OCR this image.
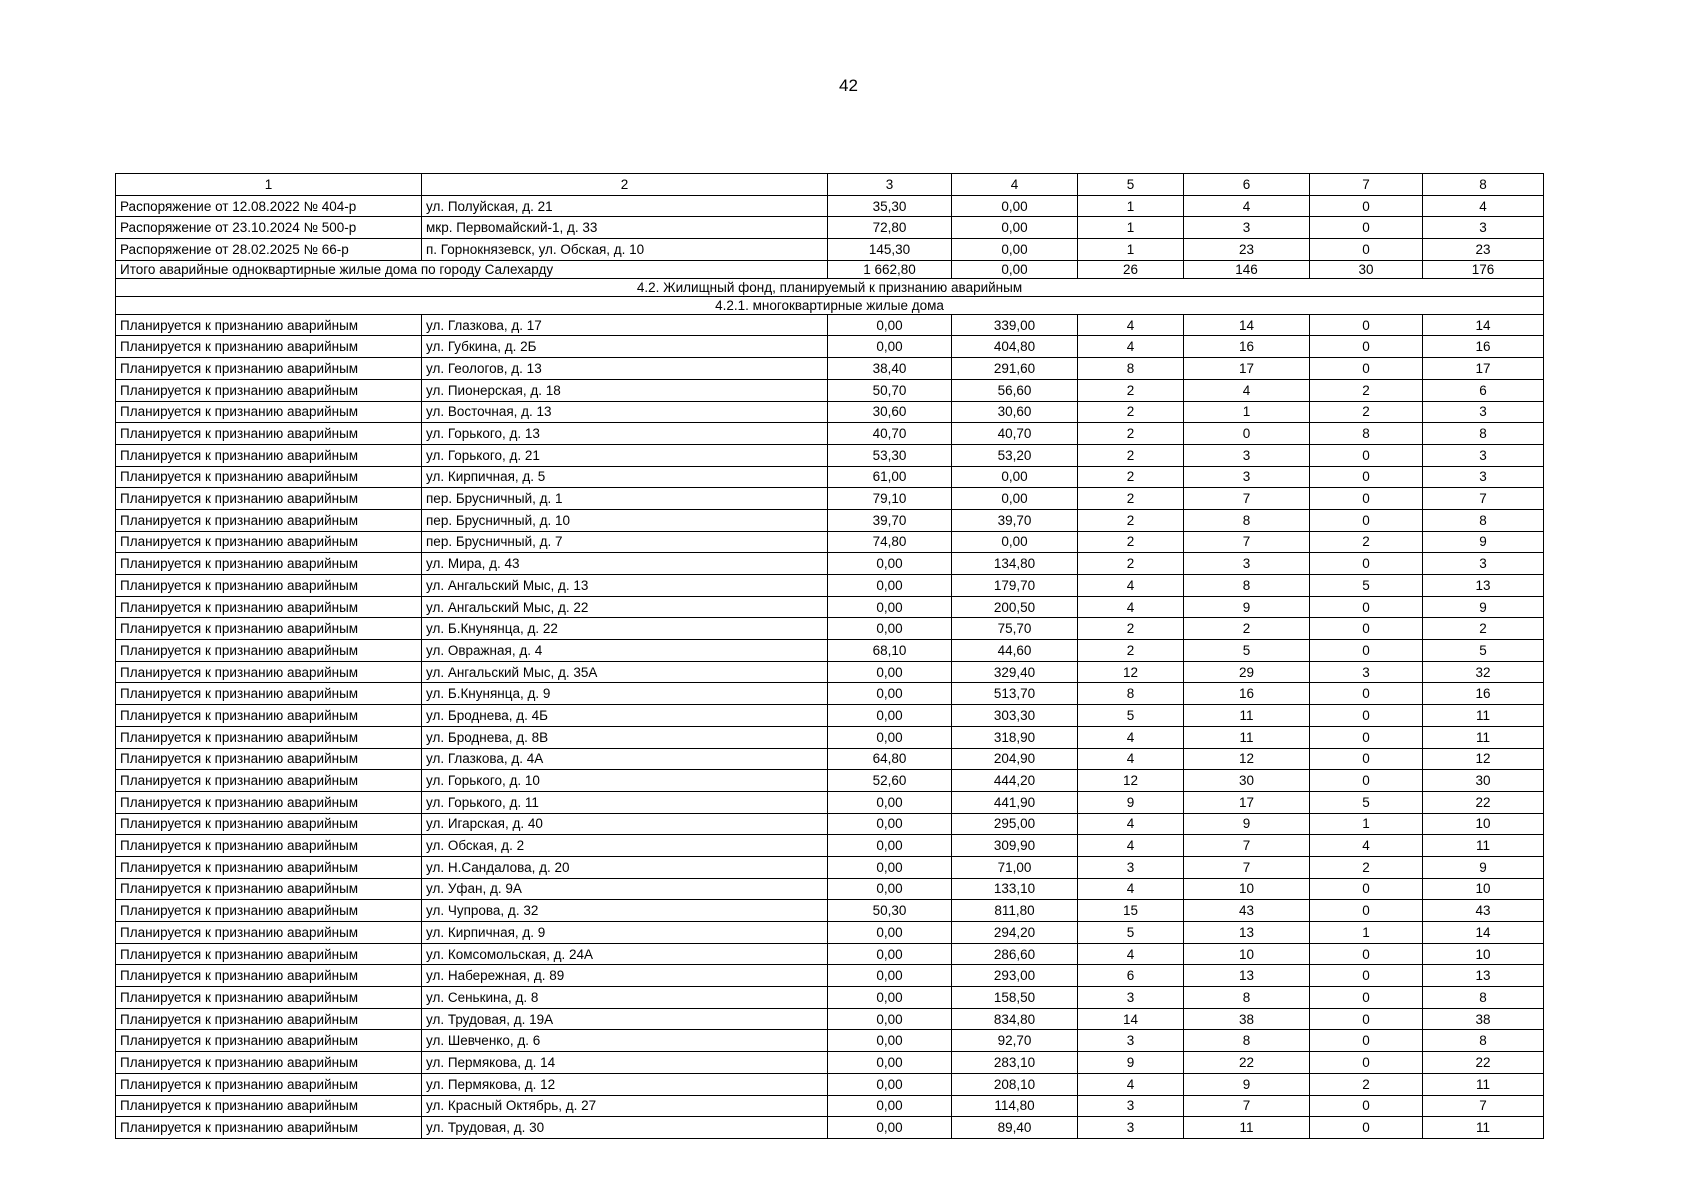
42
1	2	3	4	5	6	7	8
Распоряжение от 12.08.2022 № 404-р	ул. Полуйская, д. 21	35,30	0,00	1	4	0	4
Распоряжение от 23.10.2024 № 500-р	мкр. Первомайский-1, д. 33	72,80	0,00	1	3	0	3
Распоряжение от 28.02.2025 № 66-р	п. Горнокнязевск, ул. Обская, д. 10	145,30	0,00	1	23	0	23
Итого аварийные одноквартирные жилые дома по городу Салехарду		1 662,80	0,00	26	146	30	176
4.2. Жилищный фонд, планируемый к признанию аварийным							
4.2.1. многоквартирные жилые дома							
Планируется к признанию аварийным	ул. Глазкова, д. 17	0,00	339,00	4	14	0	14
Планируется к признанию аварийным	ул. Губкина, д. 2Б	0,00	404,80	4	16	0	16
Планируется к признанию аварийным	ул. Геологов, д. 13	38,40	291,60	8	17	0	17
Планируется к признанию аварийным	ул. Пионерская, д. 18	50,70	56,60	2	4	2	6
Планируется к признанию аварийным	ул. Восточная, д. 13	30,60	30,60	2	1	2	3
Планируется к признанию аварийным	ул. Горького, д. 13	40,70	40,70	2	0	8	8
Планируется к признанию аварийным	ул. Горького, д. 21	53,30	53,20	2	3	0	3
Планируется к признанию аварийным	ул. Кирпичная, д. 5	61,00	0,00	2	3	0	3
Планируется к признанию аварийным	пер. Брусничный, д. 1	79,10	0,00	2	7	0	7
Планируется к признанию аварийным	пер. Брусничный, д. 10	39,70	39,70	2	8	0	8
Планируется к признанию аварийным	пер. Брусничный, д. 7	74,80	0,00	2	7	2	9
Планируется к признанию аварийным	ул. Мира, д. 43	0,00	134,80	2	3	0	3
Планируется к признанию аварийным	ул. Ангальский Мыс, д. 13	0,00	179,70	4	8	5	13
Планируется к признанию аварийным	ул. Ангальский Мыс, д. 22	0,00	200,50	4	9	0	9
Планируется к признанию аварийным	ул. Б.Кнунянца, д. 22	0,00	75,70	2	2	0	2
Планируется к признанию аварийным	ул. Овражная, д. 4	68,10	44,60	2	5	0	5
Планируется к признанию аварийным	ул. Ангальский Мыс, д. 35А	0,00	329,40	12	29	3	32
Планируется к признанию аварийным	ул. Б.Кнунянца, д. 9	0,00	513,70	8	16	0	16
Планируется к признанию аварийным	ул. Броднева, д. 4Б	0,00	303,30	5	11	0	11
Планируется к признанию аварийным	ул. Броднева, д. 8В	0,00	318,90	4	11	0	11
Планируется к признанию аварийным	ул. Глазкова, д. 4А	64,80	204,90	4	12	0	12
Планируется к признанию аварийным	ул. Горького, д. 10	52,60	444,20	12	30	0	30
Планируется к признанию аварийным	ул. Горького, д. 11	0,00	441,90	9	17	5	22
Планируется к признанию аварийным	ул. Игарская, д. 40	0,00	295,00	4	9	1	10
Планируется к признанию аварийным	ул. Обская, д. 2	0,00	309,90	4	7	4	11
Планируется к признанию аварийным	ул. Н.Сандалова, д. 20	0,00	71,00	3	7	2	9
Планируется к признанию аварийным	ул. Уфан, д. 9А	0,00	133,10	4	10	0	10
Планируется к признанию аварийным	ул. Чупрова, д. 32	50,30	811,80	15	43	0	43
Планируется к признанию аварийным	ул. Кирпичная, д. 9	0,00	294,20	5	13	1	14
Планируется к признанию аварийным	ул. Комсомольская, д. 24А	0,00	286,60	4	10	0	10
Планируется к признанию аварийным	ул. Набережная, д. 89	0,00	293,00	6	13	0	13
Планируется к признанию аварийным	ул. Сенькина, д. 8	0,00	158,50	3	8	0	8
Планируется к признанию аварийным	ул. Трудовая, д. 19А	0,00	834,80	14	38	0	38
Планируется к признанию аварийным	ул. Шевченко, д. 6	0,00	92,70	3	8	0	8
Планируется к признанию аварийным	ул. Пермякова, д. 14	0,00	283,10	9	22	0	22
Планируется к признанию аварийным	ул. Пермякова, д. 12	0,00	208,10	4	9	2	11
Планируется к признанию аварийным	ул. Красный Октябрь, д. 27	0,00	114,80	3	7	0	7
Планируется к признанию аварийным	ул. Трудовая, д. 30	0,00	89,40	3	11	0	11
